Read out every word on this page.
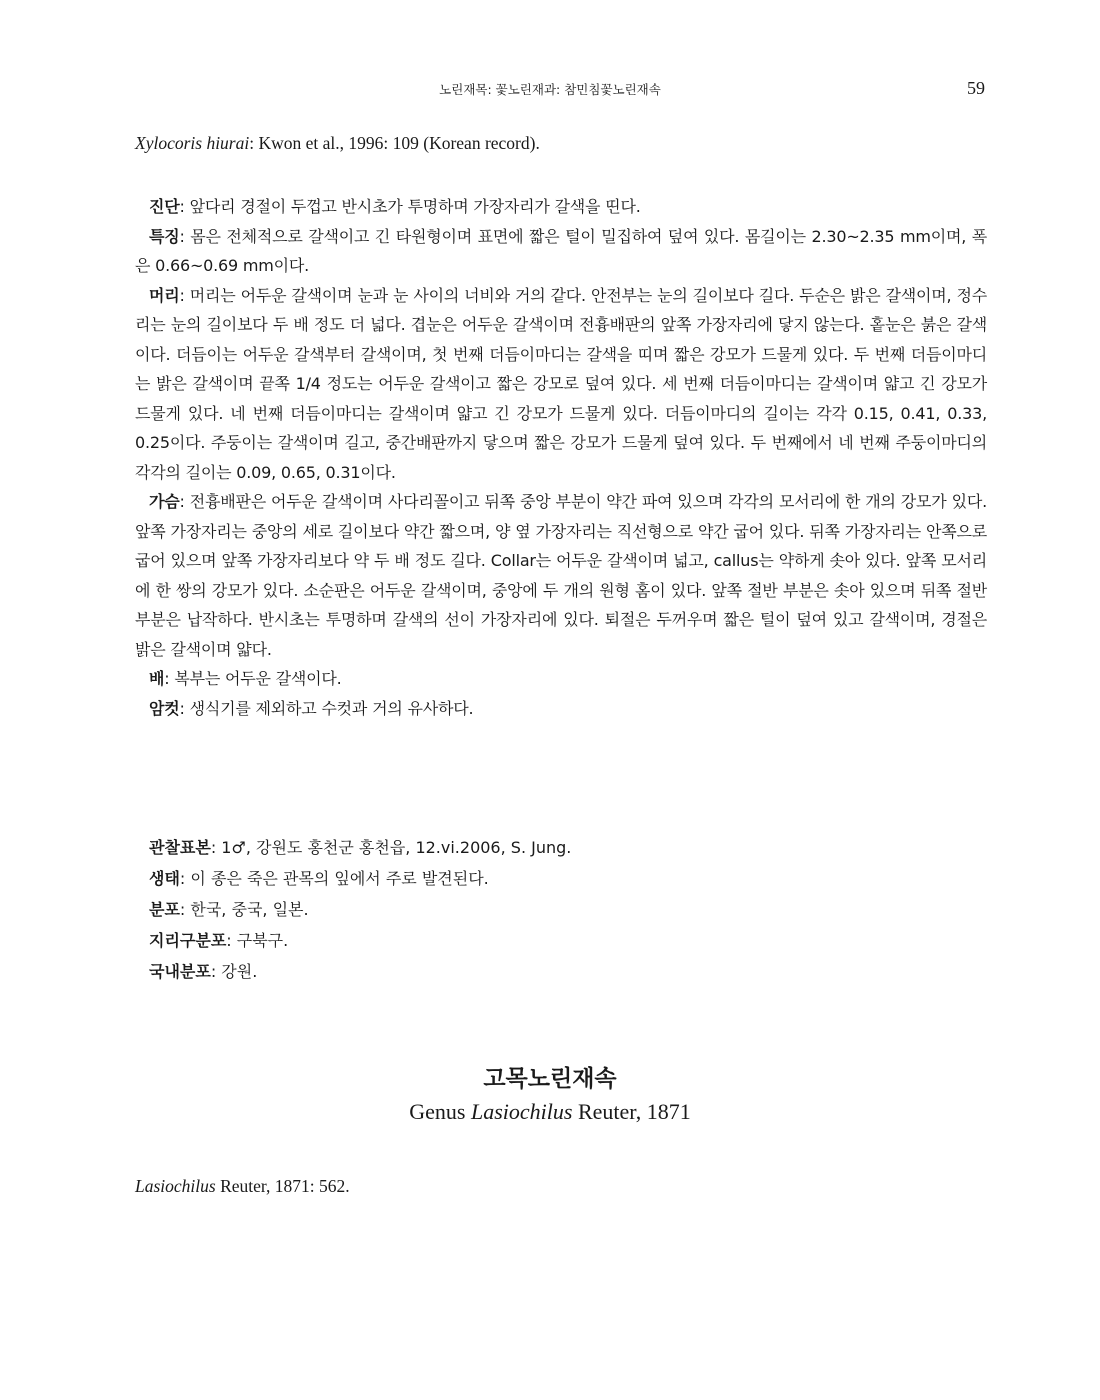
노린재목: 꽃노린재과: 참민침꽃노린재속	59
Xylocoris hiurai: Kwon et al., 1996: 109 (Korean record).

진단: 앞다리 경절이 두껍고 반시초가 투명하며 가장자리가 갈색을 띤다.

특징: 몸은 전체적으로 갈색이고 긴 타원형이며 표면에 짧은 털이 밀집하여 덮여 있다. 몸길이는 2.30~2.35 mm이며, 폭은 0.66~0.69 mm이다.

머리: 머리는 어두운 갈색이며 눈과 눈 사이의 너비와 거의 같다. 안전부는 눈의 길이보다 길다. 두순은 밝은 갈색이며, 정수리는 눈의 길이보다 두 배 정도 더 넓다. 겹눈은 어두운 갈색이며 전흉배판의 앞쪽 가장자리에 닿지 않는다. 홑눈은 붉은 갈색이다. 더듬이는 어두운 갈색부터 갈색이며, 첫 번째 더듬이마디는 갈색을 띠며 짧은 강모가 드물게 있다. 두 번째 더듬이마디는 밝은 갈색이며 끝쪽 1/4 정도는 어두운 갈색이고 짧은 강모로 덮여 있다. 세 번째 더듬이마디는 갈색이며 얇고 긴 강모가 드물게 있다. 네 번째 더듬이마디는 갈색이며 얇고 긴 강모가 드물게 있다. 더듬이마디의 길이는 각각 0.15, 0.41, 0.33, 0.25이다. 주둥이는 갈색이며 길고, 중간배판까지 닿으며 짧은 강모가 드물게 덮여 있다. 두 번째에서 네 번째 주둥이마디의 각각의 길이는 0.09, 0.65, 0.31이다.

가슴: 전흉배판은 어두운 갈색이며 사다리꼴이고 뒤쪽 중앙 부분이 약간 파여 있으며 각각의 모서리에 한 개의 강모가 있다. 앞쪽 가장자리는 중앙의 세로 길이보다 약간 짧으며, 양 옆 가장자리는 직선형으로 약간 굽어 있다. 뒤쪽 가장자리는 안쪽으로 굽어 있으며 앞쪽 가장자리보다 약 두 배 정도 길다. Collar는 어두운 갈색이며 넓고, callus는 약하게 솟아 있다. 앞쪽 모서리에 한 쌍의 강모가 있다. 소순판은 어두운 갈색이며, 중앙에 두 개의 원형 홈이 있다. 앞쪽 절반 부분은 솟아 있으며 뒤쪽 절반 부분은 납작하다. 반시초는 투명하며 갈색의 선이 가장자리에 있다. 퇴절은 두꺼우며 짧은 털이 덮여 있고 갈색이며, 경절은 밝은 갈색이며 얇다.

배: 복부는 어두운 갈색이다.

암컷: 생식기를 제외하고 수컷과 거의 유사하다.

관찰표본: 1♂, 강원도 홍천군 홍천읍, 12.vi.2006, S. Jung.

생태: 이 종은 죽은 관목의 잎에서 주로 발견된다.

분포: 한국, 중국, 일본.

지리구분포: 구북구.

국내분포: 강원.

고목노린재속
Genus Lasiochilus Reuter, 1871
Lasiochilus Reuter, 1871: 562.
